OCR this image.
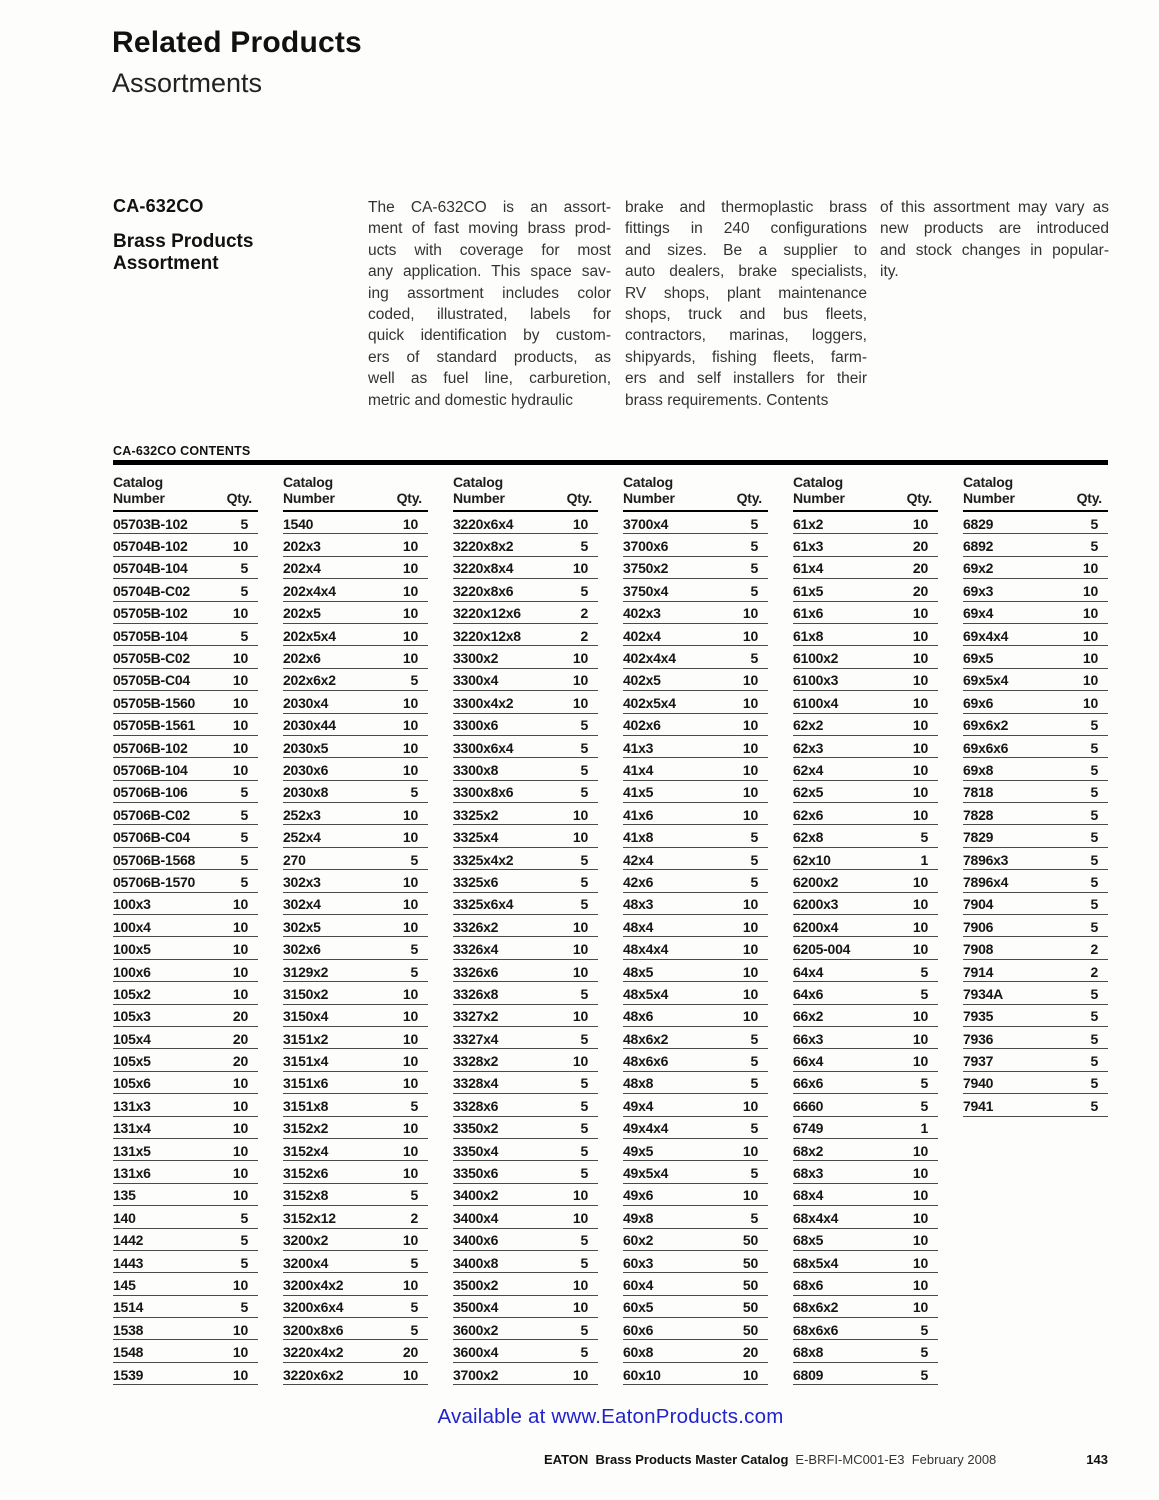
Related Products
Assortments
CA-632CO
Brass Products
Assortment
The CA-632CO is an assort-
ment of fast moving brass prod-
ucts with coverage for most
any application. This space sav-
ing assortment includes color
coded, illustrated, labels for
quick identification by custom-
ers of standard products, as
well as fuel line, carburetion,
metric and domestic hydraulic
brake and thermoplastic brass
fittings in 240 configurations
and sizes. Be a supplier to
auto dealers, brake specialists,
RV shops, plant maintenance
shops, truck and bus fleets,
contractors, marinas, loggers,
shipyards, fishing fleets, farm-
ers and self installers for their
brass requirements. Contents
of this assortment may vary as
new products are introduced
and stock changes in popular-
ity.
CA-632CO CONTENTS
Catalog
Number	Qty.
05703B-102	5
05704B-102	10
05704B-104	5
05704B-C02	5
05705B-102	10
05705B-104	5
05705B-C02	10
05705B-C04	10
05705B-1560	10
05705B-1561	10
05706B-102	10
05706B-104	10
05706B-106	5
05706B-C02	5
05706B-C04	5
05706B-1568	5
05706B-1570	5
100x3	10
100x4	10
100x5	10
100x6	10
105x2	10
105x3	20
105x4	20
105x5	20
105x6	10
131x3	10
131x4	10
131x5	10
131x6	10
135	10
140	5
1442	5
1443	5
145	10
1514	5
1538	10
1548	10
1539	10
Catalog
Number	Qty.
1540	10
202x3	10
202x4	10
202x4x4	10
202x5	10
202x5x4	10
202x6	10
202x6x2	5
2030x4	10
2030x44	10
2030x5	10
2030x6	10
2030x8	5
252x3	10
252x4	10
270	5
302x3	10
302x4	10
302x5	10
302x6	5
3129x2	5
3150x2	10
3150x4	10
3151x2	10
3151x4	10
3151x6	10
3151x8	5
3152x2	10
3152x4	10
3152x6	10
3152x8	5
3152x12	2
3200x2	10
3200x4	5
3200x4x2	10
3200x6x4	5
3200x8x6	5
3220x4x2	20
3220x6x2	10
Catalog
Number	Qty.
3220x6x4	10
3220x8x2	5
3220x8x4	10
3220x8x6	5
3220x12x6	2
3220x12x8	2
3300x2	10
3300x4	10
3300x4x2	10
3300x6	5
3300x6x4	5
3300x8	5
3300x8x6	5
3325x2	10
3325x4	10
3325x4x2	5
3325x6	5
3325x6x4	5
3326x2	10
3326x4	10
3326x6	10
3326x8	5
3327x2	10
3327x4	5
3328x2	10
3328x4	5
3328x6	5
3350x2	5
3350x4	5
3350x6	5
3400x2	10
3400x4	10
3400x6	5
3400x8	5
3500x2	10
3500x4	10
3600x2	5
3600x4	5
3700x2	10
Catalog
Number	Qty.
3700x4	5
3700x6	5
3750x2	5
3750x4	5
402x3	10
402x4	10
402x4x4	5
402x5	10
402x5x4	10
402x6	10
41x3	10
41x4	10
41x5	10
41x6	10
41x8	5
42x4	5
42x6	5
48x3	10
48x4	10
48x4x4	10
48x5	10
48x5x4	10
48x6	10
48x6x2	5
48x6x6	5
48x8	5
49x4	10
49x4x4	5
49x5	10
49x5x4	5
49x6	10
49x8	5
60x2	50
60x3	50
60x4	50
60x5	50
60x6	50
60x8	20
60x10	10
Catalog
Number	Qty.
61x2	10
61x3	20
61x4	20
61x5	20
61x6	10
61x8	10
6100x2	10
6100x3	10
6100x4	10
62x2	10
62x3	10
62x4	10
62x5	10
62x6	10
62x8	5
62x10	1
6200x2	10
6200x3	10
6200x4	10
6205-004	10
64x4	5
64x6	5
66x2	10
66x3	10
66x4	10
66x6	5
6660	5
6749	1
68x2	10
68x3	10
68x4	10
68x4x4	10
68x5	10
68x5x4	10
68x6	10
68x6x2	10
68x6x6	5
68x8	5
6809	5
Catalog
Number	Qty.
6829	5
6892	5
69x2	10
69x3	10
69x4	10
69x4x4	10
69x5	10
69x5x4	10
69x6	10
69x6x2	5
69x6x6	5
69x8	5
7818	5
7828	5
7829	5
7896x3	5
7896x4	5
7904	5
7906	5
7908	2
7914	2
7934A	5
7935	5
7936	5
7937	5
7940	5
7941	5
Available at www.EatonProducts.com
EATON Brass Products Master Catalog E-BRFI-MC001-E3 February 2008	143
